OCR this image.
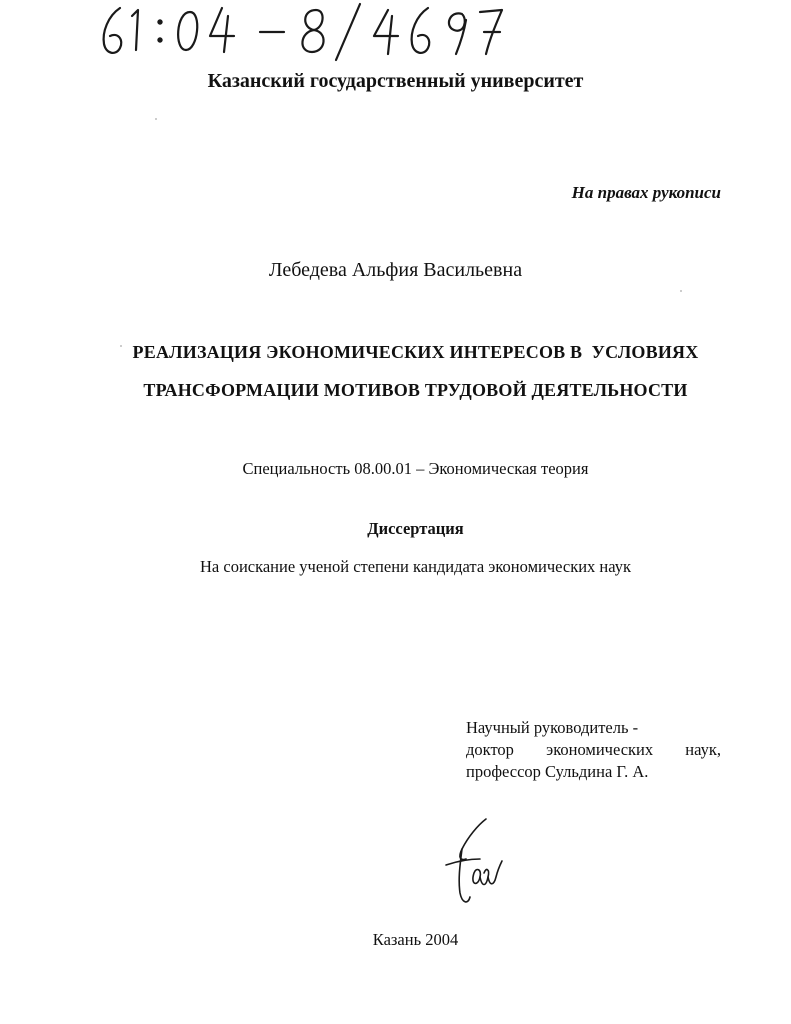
Казанский государственный университет
На правах рукописи
Лебедева Альфия Васильевна
РЕАЛИЗАЦИЯ ЭКОНОМИЧЕСКИХ ИНТЕРЕСОВ В  УСЛОВИЯХ
ТРАНСФОРМАЦИИ МОТИВОВ ТРУДОВОЙ ДЕЯТЕЛЬНОСТИ
Специальность 08.00.01 – Экономическая теория
Диссертация
На соискание ученой степени кандидата экономических наук
Научный руководитель -
доктор экономических наук,
профессор Сульдина Г. А.
Казань 2004
